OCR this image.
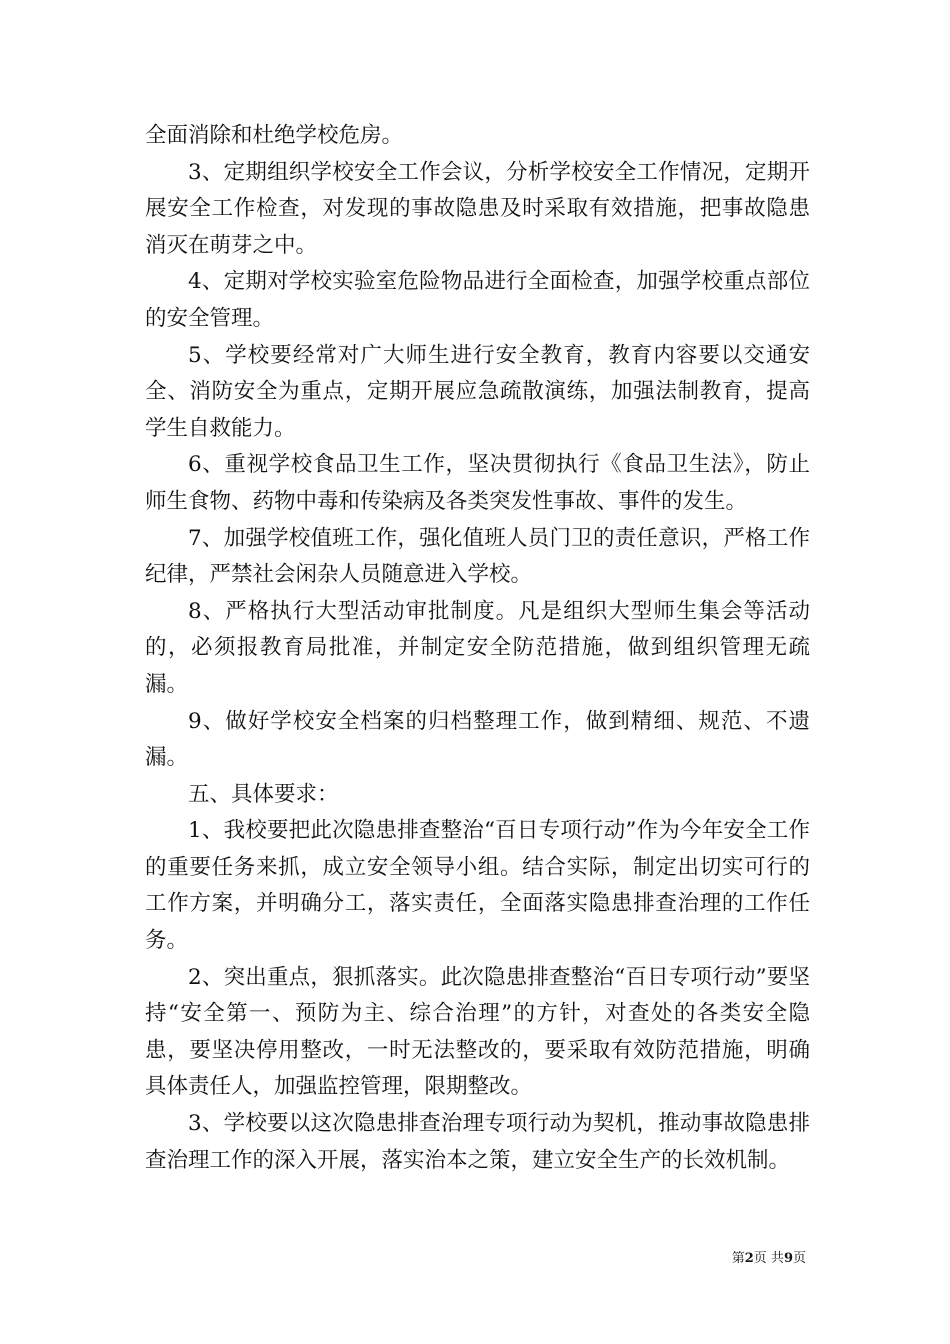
全面消除和杜绝学校危房。

3、定期组织学校安全工作会议，分析学校安全工作情况，定期开展安全工作检查，对发现的事故隐患及时采取有效措施，把事故隐患消灭在萌芽之中。

4、定期对学校实验室危险物品进行全面检查，加强学校重点部位的安全管理。

5、学校要经常对广大师生进行安全教育，教育内容要以交通安全、消防安全为重点，定期开展应急疏散演练，加强法制教育，提高学生自救能力。

6、重视学校食品卫生工作，坚决贯彻执行《食品卫生法》，防止师生食物、药物中毒和传染病及各类突发性事故、事件的发生。

7、加强学校值班工作，强化值班人员门卫的责任意识，严格工作纪律，严禁社会闲杂人员随意进入学校。

8、严格执行大型活动审批制度。凡是组织大型师生集会等活动的，必须报教育局批准，并制定安全防范措施，做到组织管理无疏漏。

9、做好学校安全档案的归档整理工作，做到精细、规范、不遗漏。

五、具体要求：

1、我校要把此次隐患排查整治“百日专项行动”作为今年安全工作的重要任务来抓，成立安全领导小组。结合实际，制定出切实可行的工作方案，并明确分工，落实责任，全面落实隐患排查治理的工作任务。

2、突出重点，狠抓落实。此次隐患排查整治“百日专项行动”要坚持“安全第一、预防为主、综合治理”的方针，对查处的各类安全隐患，要坚决停用整改，一时无法整改的，要采取有效防范措施，明确具体责任人，加强监控管理，限期整改。

3、学校要以这次隐患排查治理专项行动为契机，推动事故隐患排查治理工作的深入开展，落实治本之策，建立安全生产的长效机制。

第2页 共9页
